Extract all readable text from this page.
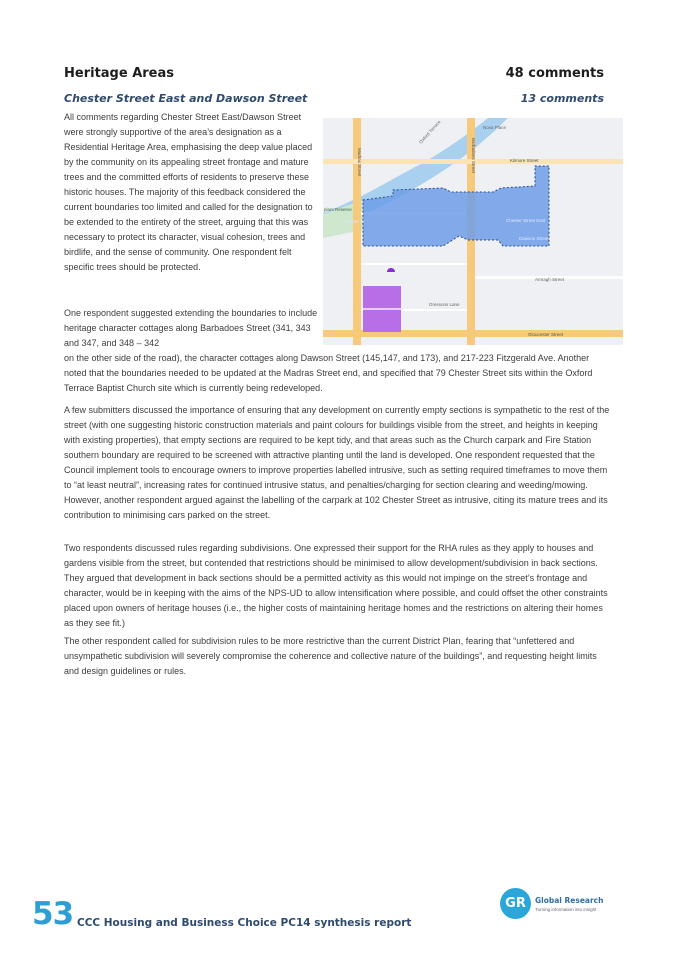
Heritage Areas	48 comments
Chester Street East and Dawson Street	13 comments

All comments regarding Chester Street East/Dawson Street were strongly supportive of the area’s designation as a Residential Heritage Area, emphasising the deep value placed by the community on its appealing street frontage and mature trees and the committed efforts of residents to preserve these historic houses. The majority of this feedback considered the current boundaries too limited and called for the designation to be extended to the entirety of the street, arguing that this was necessary to protect its character, visual cohesion, trees and birdlife, and the sense of community. One respondent felt specific trees should be protected.

One respondent suggested extending the boundaries to include heritage character cottages along Barbadoes Street (341, 343 and 347, and 348 – 342

on the other side of the road), the character cottages along Dawson Street (145,147, and 173), and 217-223 Fitzgerald Ave. Another noted that the boundaries needed to be updated at the Madras Street end, and specified that 79 Chester Street sits within the Oxford Terrace Baptist Church site which is currently being redeveloped.

A few submitters discussed the importance of ensuring that any development on currently empty sections is sympathetic to the rest of the street (with one suggesting historic construction materials and paint colours for buildings visible from the street, and heights in keeping with existing properties), that empty sections are required to be kept tidy, and that areas such as the Church carpark and Fire Station southern boundary are required to be screened with attractive planting until the land is developed. One respondent requested that the Council implement tools to encourage owners to improve properties labelled intrusive, such as setting required timeframes to move them to “at least neutral”, increasing rates for continued intrusive status, and penalties/charging for section clearing and weeding/mowing. However, another respondent argued against the labelling of the carpark at 102 Chester Street as intrusive, citing its mature trees and its contribution to minimising cars parked on the street.

Two respondents discussed rules regarding subdivisions. One expressed their support for the RHA rules as they apply to houses and gardens visible from the street, but contended that restrictions should be minimised to allow development/subdivision in back sections. They argued that development in back sections should be a permitted activity as this would not impinge on the street’s frontage and character, would be in keeping with the aims of the NPS-UD to allow intensification where possible, and could offset the other constraints placed upon owners of heritage houses (i.e., the higher costs of maintaining heritage homes and the restrictions on altering their homes as they see fit.)

The other respondent called for subdivision rules to be more restrictive than the current District Plan, fearing that “unfettered and unsympathetic subdivision will severely compromise the coherence and collective nature of the buildings”, and requesting height limits and design guidelines or rules.

Oxford Terrace	Nova Place
Kilmore Street
Madras Street	Barbadoes Street
plars Reserve
Chester St	Chester Street East
Dawson Street
Armagh Street
Gressons Lane
Gloucester Street
53 CCC Housing and Business Choice PC14 synthesis report
GR	Global Research
Turning information into insight
